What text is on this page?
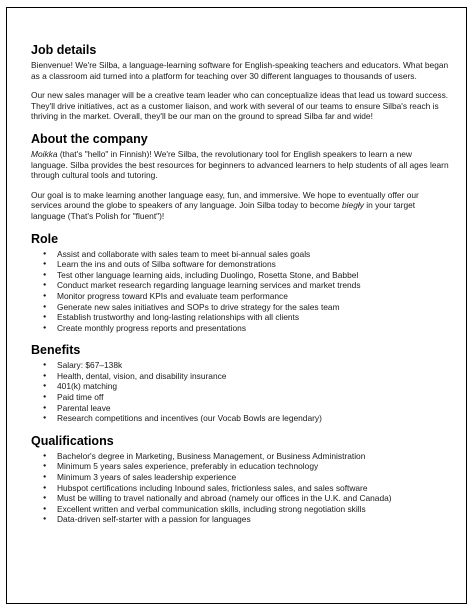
Job details

Bienvenue! We're Silba, a language-learning software for English-speaking teachers and educators. What began as a classroom aid turned into a platform for teaching over 30 different languages to thousands of users.

Our new sales manager will be a creative team leader who can conceptualize ideas that lead us toward success. They'll drive initiatives, act as a customer liaison, and work with several of our teams to ensure Silba's reach is thriving in the market. Overall, they'll be our man on the ground to spread Silba far and wide!

About the company

Moikka (that's "hello" in Finnish)! We're Silba, the revolutionary tool for English speakers to learn a new language. Silba provides the best resources for beginners to advanced learners to help students of all ages learn through cultural tools and tutoring.

Our goal is to make learning another language easy, fun, and immersive. We hope to eventually offer our services around the globe to speakers of any language. Join Silba today to become biegły in your target language (That's Polish for "fluent")!

Role
● Assist and collaborate with sales team to meet bi-annual sales goals
● Learn the ins and outs of Silba software for demonstrations
● Test other language learning aids, including Duolingo, Rosetta Stone, and Babbel
● Conduct market research regarding language learning services and market trends
● Monitor progress toward KPIs and evaluate team performance
● Generate new sales initiatives and SOPs to drive strategy for the sales team
● Establish trustworthy and long-lasting relationships with all clients
● Create monthly progress reports and presentations
Benefits
● Salary: $67–138k
● Health, dental, vision, and disability insurance
● 401(k) matching
● Paid time off
● Parental leave
● Research competitions and incentives (our Vocab Bowls are legendary)
Qualifications
● Bachelor's degree in Marketing, Business Management, or Business Administration
● Minimum 5 years sales experience, preferably in education technology
● Minimum 3 years of sales leadership experience
● Hubspot certifications including Inbound sales, frictionless sales, and sales software
● Must be willing to travel nationally and abroad (namely our offices in the U.K. and Canada)
● Excellent written and verbal communication skills, including strong negotiation skills
● Data-driven self-starter with a passion for languages
